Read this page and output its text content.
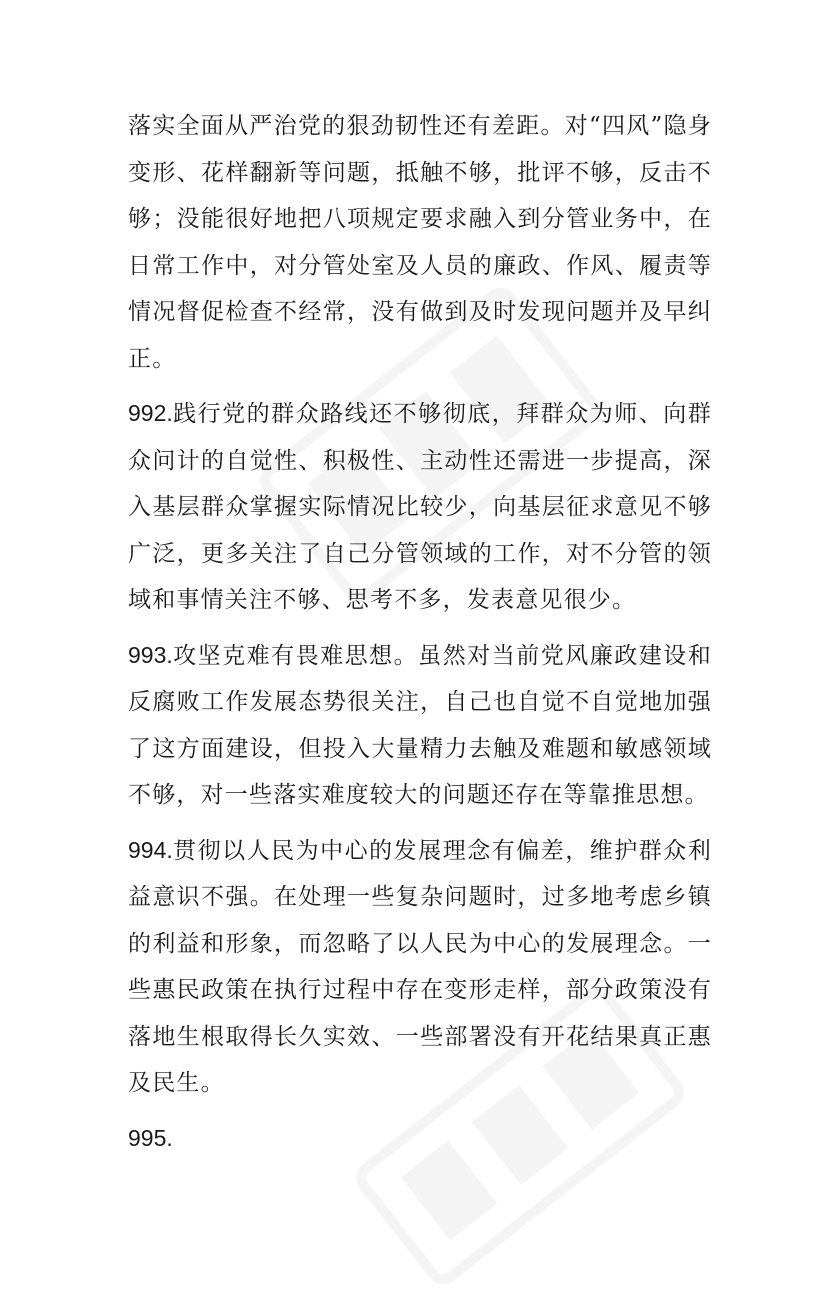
落实全面从严治党的狠劲韧性还有差距。对“四风”隐身变形、花样翻新等问题，抵触不够，批评不够，反击不够；没能很好地把八项规定要求融入到分管业务中，在日常工作中，对分管处室及人员的廉政、作风、履责等情况督促检查不经常，没有做到及时发现问题并及早纠正。

992.践行党的群众路线还不够彻底，拜群众为师、向群众问计的自觉性、积极性、主动性还需进一步提高，深入基层群众掌握实际情况比较少，向基层征求意见不够广泛，更多关注了自己分管领域的工作，对不分管的领域和事情关注不够、思考不多，发表意见很少。

993.攻坚克难有畏难思想。虽然对当前党风廉政建设和反腐败工作发展态势很关注，自己也自觉不自觉地加强了这方面建设，但投入大量精力去触及难题和敏感领域不够，对一些落实难度较大的问题还存在等靠推思想。

994.贯彻以人民为中心的发展理念有偏差，维护群众利益意识不强。在处理一些复杂问题时，过多地考虑乡镇的利益和形象，而忽略了以人民为中心的发展理念。一些惠民政策在执行过程中存在变形走样，部分政策没有落地生根取得长久实效、一些部署没有开花结果真正惠及民生。

995.
